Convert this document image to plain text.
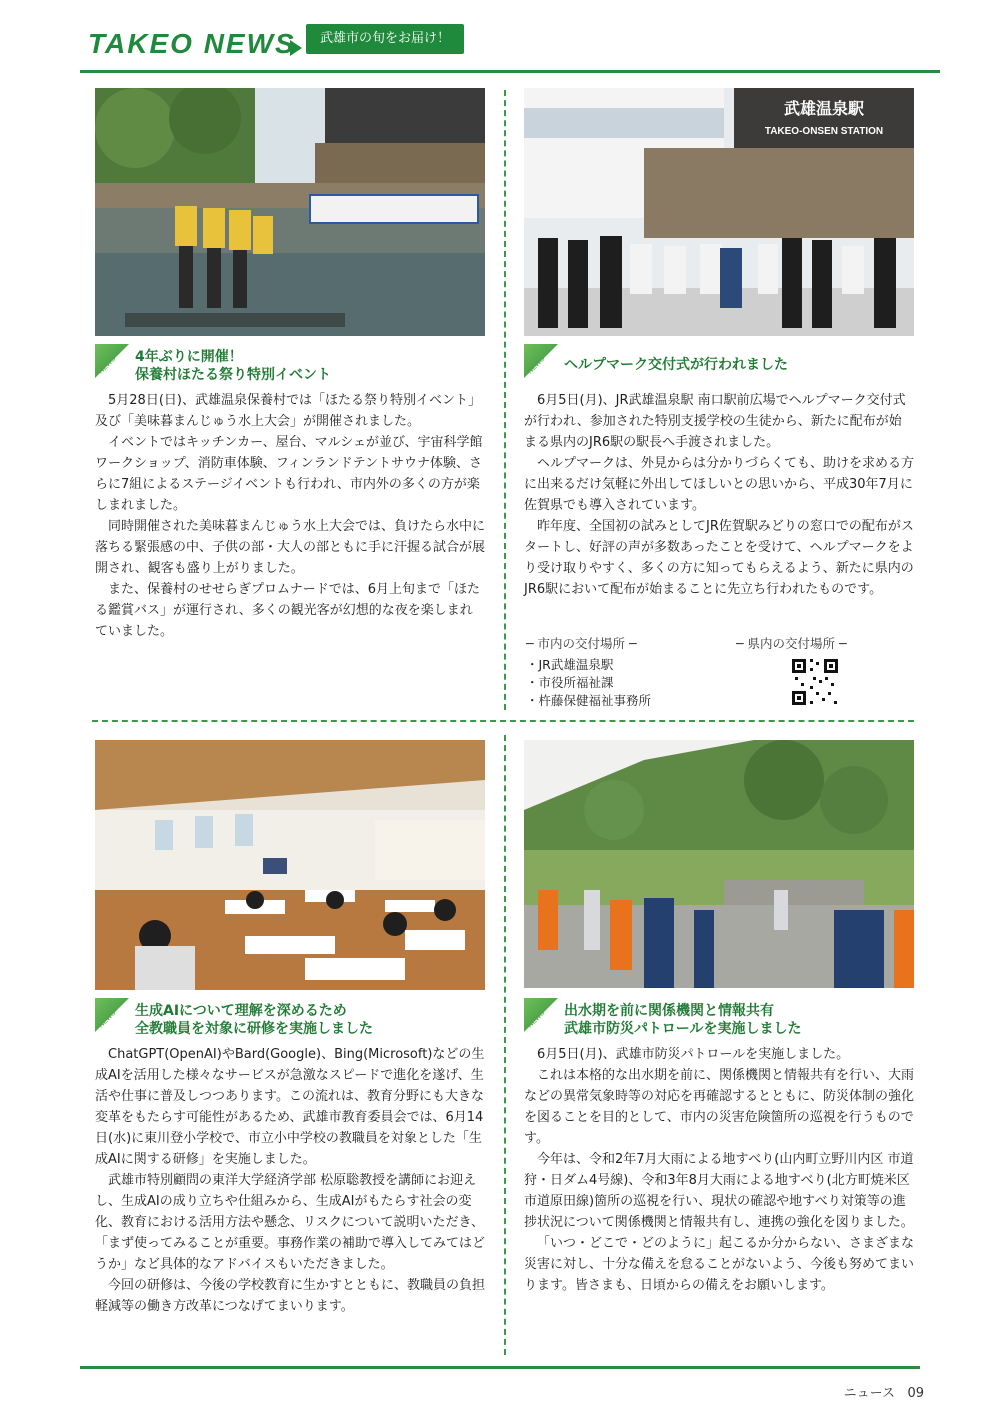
TAKEO NEWS	武雄市の旬をお届け！
NEWS 4年ぶりに開催！
保養村ほたる祭り特別イベント

5月28日(日)、武雄温泉保養村では「ほたる祭り特別イベント」及び「美味暮まんじゅう水上大会」が開催されました。

イベントではキッチンカー、屋台、マルシェが並び、宇宙科学館ワークショップ、消防車体験、フィンランドテントサウナ体験、さらに7組によるステージイベントも行われ、市内外の多くの方が楽しまれました。

同時開催された美味暮まんじゅう水上大会では、負けたら水中に落ちる緊張感の中、子供の部・大人の部ともに手に汗握る試合が展開され、観客も盛り上がりました。

また、保養村のせせらぎプロムナードでは、6月上旬まで「ほたる鑑賞バス」が運行され、多くの観光客が幻想的な夜を楽しまれていました。

武雄温泉駅
TAKEO-ONSEN STATION
NEWS ヘルプマーク交付式が行われました

6月5日(月)、JR武雄温泉駅 南口駅前広場でヘルプマーク交付式が行われ、参加された特別支援学校の生徒から、新たに配布が始まる県内のJR6駅の駅長へ手渡されました。

ヘルプマークは、外見からは分かりづらくても、助けを求める方に出来るだけ気軽に外出してほしいとの思いから、平成30年7月に佐賀県でも導入されています。

昨年度、全国初の試みとしてJR佐賀駅みどりの窓口での配布がスタートし、好評の声が多数あったことを受けて、ヘルプマークをより受け取りやすく、多くの方に知ってもらえるよう、新たに県内のJR6駅において配布が始まることに先立ち行われたものです。

─ 市内の交付場所 ─	─ 県内の交付場所 ─
・JR武雄温泉駅
・市役所福祉課
・杵藤保健福祉事務所
NEWS 生成AIについて理解を深めるため
全教職員を対象に研修を実施しました

ChatGPT(OpenAI)やBard(Google)、Bing(Microsoft)などの生成AIを活用した様々なサービスが急激なスピードで進化を遂げ、生活や仕事に普及しつつあります。この流れは、教育分野にも大きな変革をもたらす可能性があるため、武雄市教育委員会では、6月14日(水)に東川登小学校で、市立小中学校の教職員を対象とした「生成AIに関する研修」を実施しました。

武雄市特別顧問の東洋大学経済学部 松原聡教授を講師にお迎えし、生成AIの成り立ちや仕組みから、生成AIがもたらす社会の変化、教育における活用方法や懸念、リスクについて説明いただき、「まず使ってみることが重要。事務作業の補助で導入してみてはどうか」など具体的なアドバイスもいただきました。

今回の研修は、今後の学校教育に生かすとともに、教職員の負担軽減等の働き方改革につなげてまいります。

NEWS 出水期を前に関係機関と情報共有
武雄市防災パトロールを実施しました

6月5日(月)、武雄市防災パトロールを実施しました。

これは本格的な出水期を前に、関係機関と情報共有を行い、大雨などの異常気象時等の対応を再確認するとともに、防災体制の強化を図ることを目的として、市内の災害危険箇所の巡視を行うものです。

今年は、令和2年7月大雨による地すべり(山内町立野川内区 市道狩・日ダム4号線)、令和3年8月大雨による地すべり(北方町焼米区 市道原田線)箇所の巡視を行い、現状の確認や地すべり対策等の進捗状況について関係機関と情報共有し、連携の強化を図りました。

「いつ・どこで・どのように」起こるか分からない、さまざまな災害に対し、十分な備えを怠ることがないよう、今後も努めてまいります。皆さまも、日頃からの備えをお願いします。

ニュース 09
